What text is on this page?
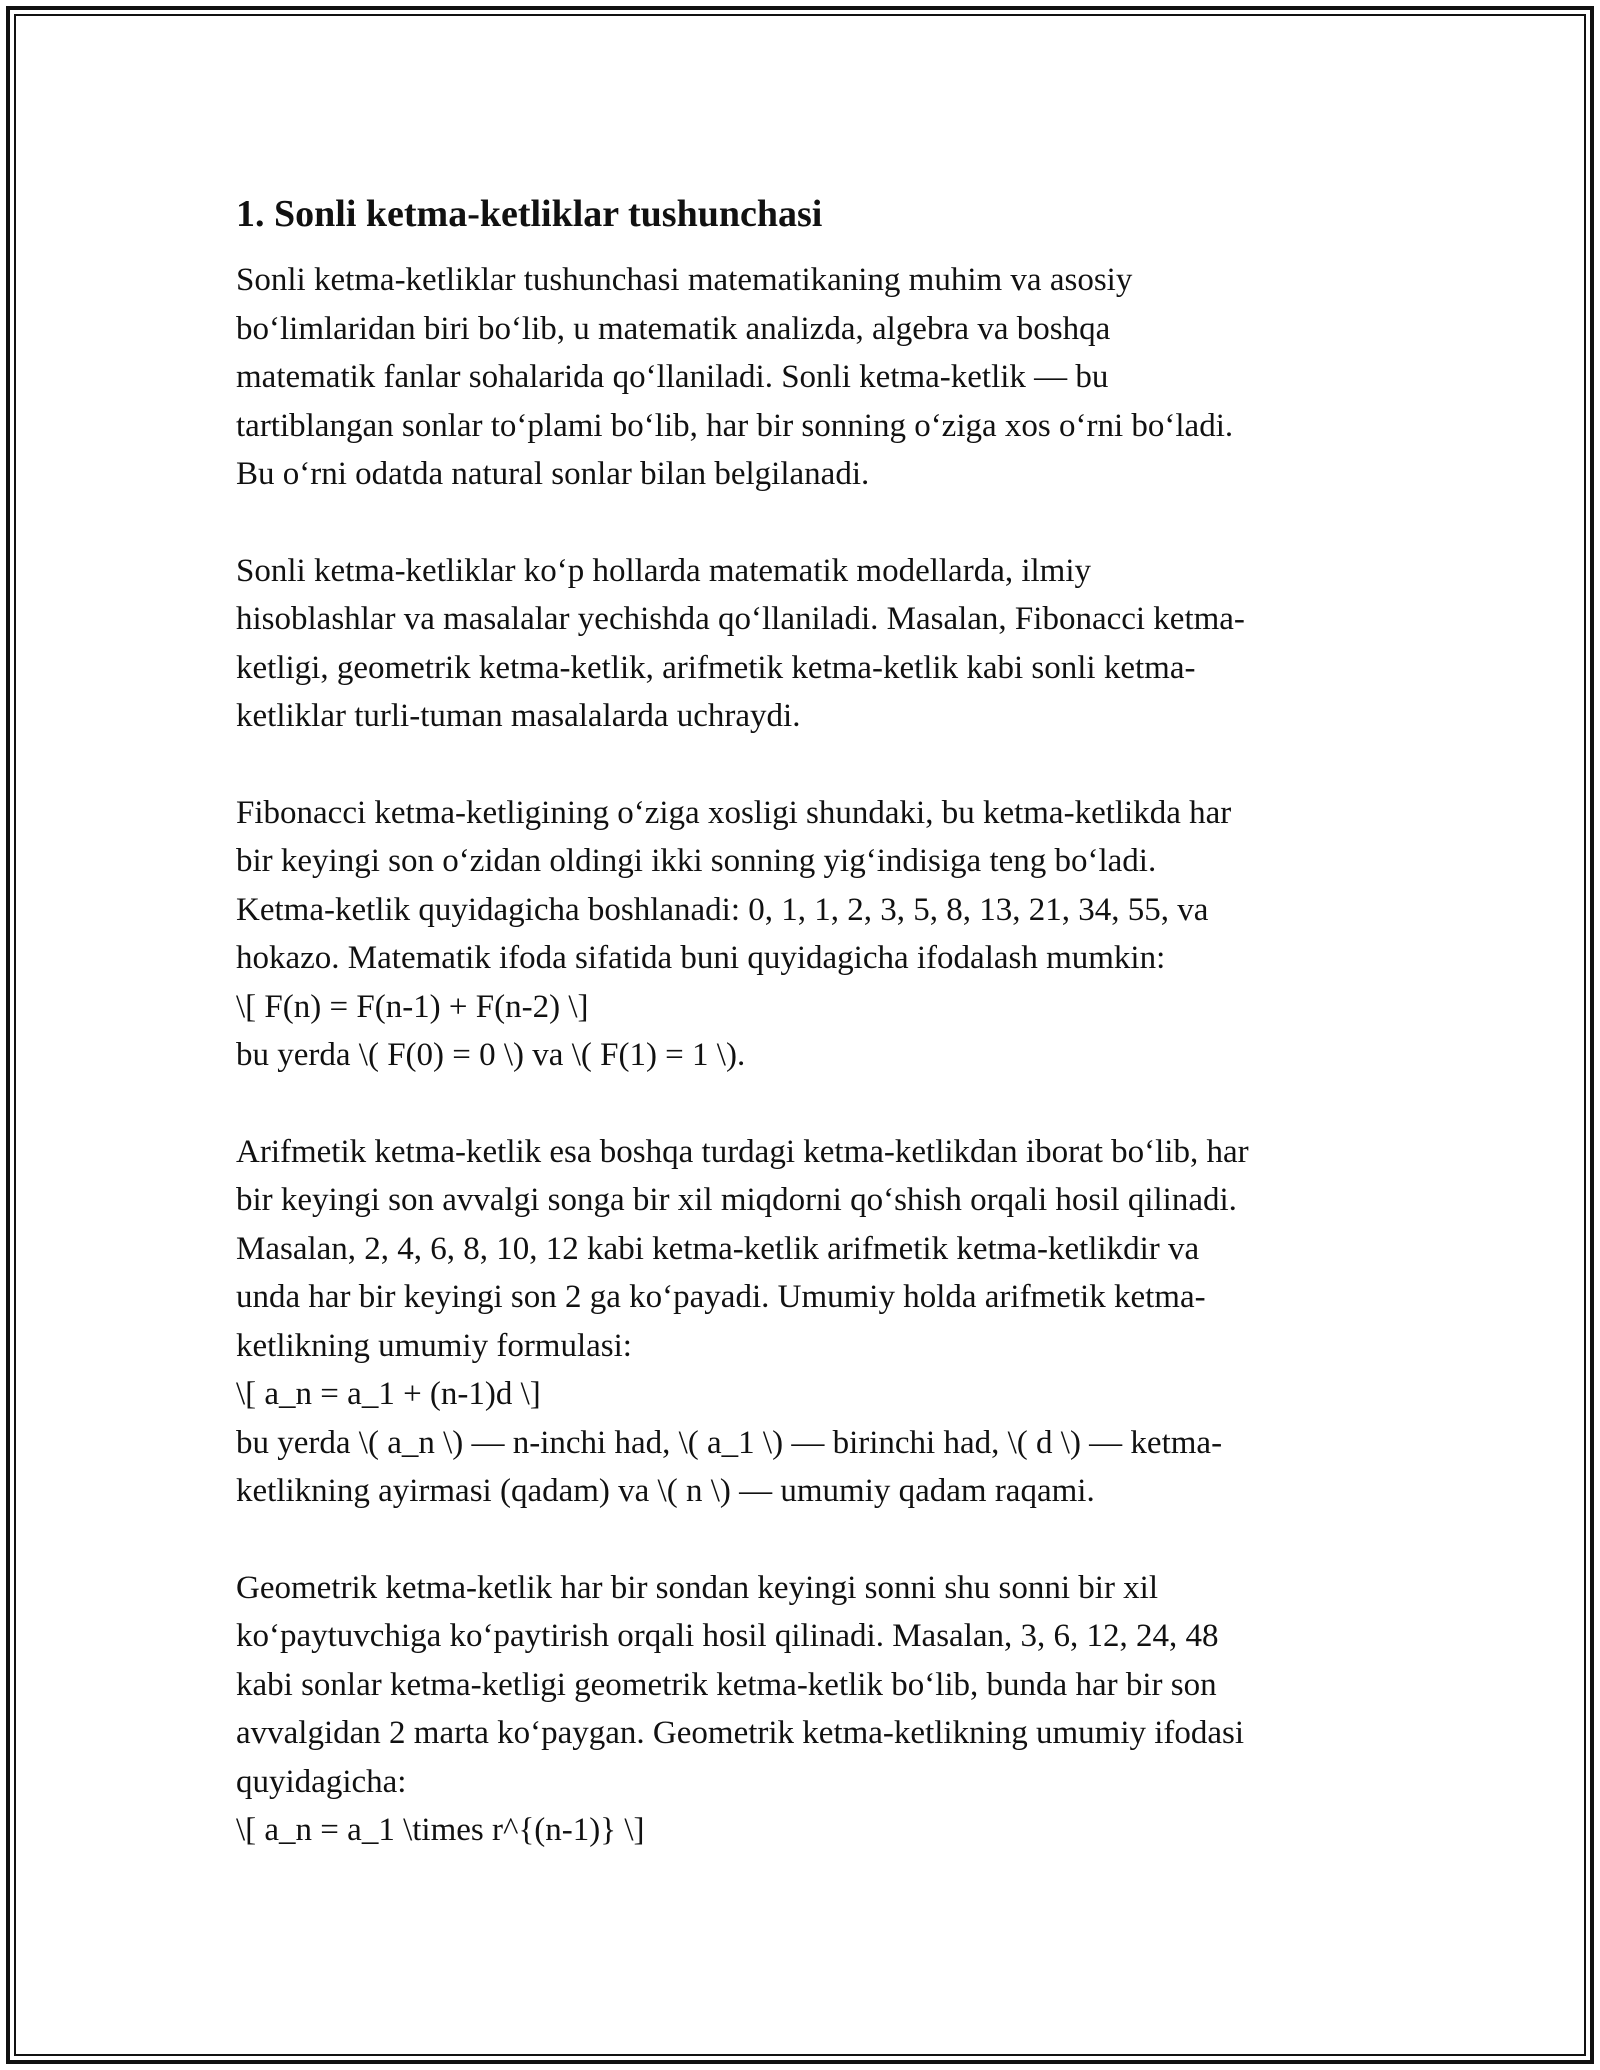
1. Sonli ketma-ketliklar tushunchasi

Sonli ketma-ketliklar tushunchasi matematikaning muhim va asosiy
bo‘limlaridan biri bo‘lib, u matematik analizda, algebra va boshqa
matematik fanlar sohalarida qo‘llaniladi. Sonli ketma-ketlik — bu
tartiblangan sonlar to‘plami bo‘lib, har bir sonning o‘ziga xos o‘rni bo‘ladi.
Bu o‘rni odatda natural sonlar bilan belgilanadi.

Sonli ketma-ketliklar ko‘p hollarda matematik modellarda, ilmiy
hisoblashlar va masalalar yechishda qo‘llaniladi. Masalan, Fibonacci ketma-
ketligi, geometrik ketma-ketlik, arifmetik ketma-ketlik kabi sonli ketma-
ketliklar turli-tuman masalalarda uchraydi.

Fibonacci ketma-ketligining o‘ziga xosligi shundaki, bu ketma-ketlikda har
bir keyingi son o‘zidan oldingi ikki sonning yig‘indisiga teng bo‘ladi.
Ketma-ketlik quyidagicha boshlanadi: 0, 1, 1, 2, 3, 5, 8, 13, 21, 34, 55, va
hokazo. Matematik ifoda sifatida buni quyidagicha ifodalash mumkin:
\[ F(n) = F(n-1) + F(n-2) \]
bu yerda \( F(0) = 0 \) va \( F(1) = 1 \).

Arifmetik ketma-ketlik esa boshqa turdagi ketma-ketlikdan iborat bo‘lib, har
bir keyingi son avvalgi songa bir xil miqdorni qo‘shish orqali hosil qilinadi.
Masalan, 2, 4, 6, 8, 10, 12 kabi ketma-ketlik arifmetik ketma-ketlikdir va
unda har bir keyingi son 2 ga ko‘payadi. Umumiy holda arifmetik ketma-
ketlikning umumiy formulasi:
\[ a_n = a_1 + (n-1)d \]
bu yerda \( a_n \) — n-inchi had, \( a_1 \) — birinchi had, \( d \) — ketma-
ketlikning ayirmasi (qadam) va \( n \) — umumiy qadam raqami.

Geometrik ketma-ketlik har bir sondan keyingi sonni shu sonni bir xil
ko‘paytuvchiga ko‘paytirish orqali hosil qilinadi. Masalan, 3, 6, 12, 24, 48
kabi sonlar ketma-ketligi geometrik ketma-ketlik bo‘lib, bunda har bir son
avvalgidan 2 marta ko‘paygan. Geometrik ketma-ketlikning umumiy ifodasi
quyidagicha:
\[ a_n = a_1 \times r^{(n-1)} \]
